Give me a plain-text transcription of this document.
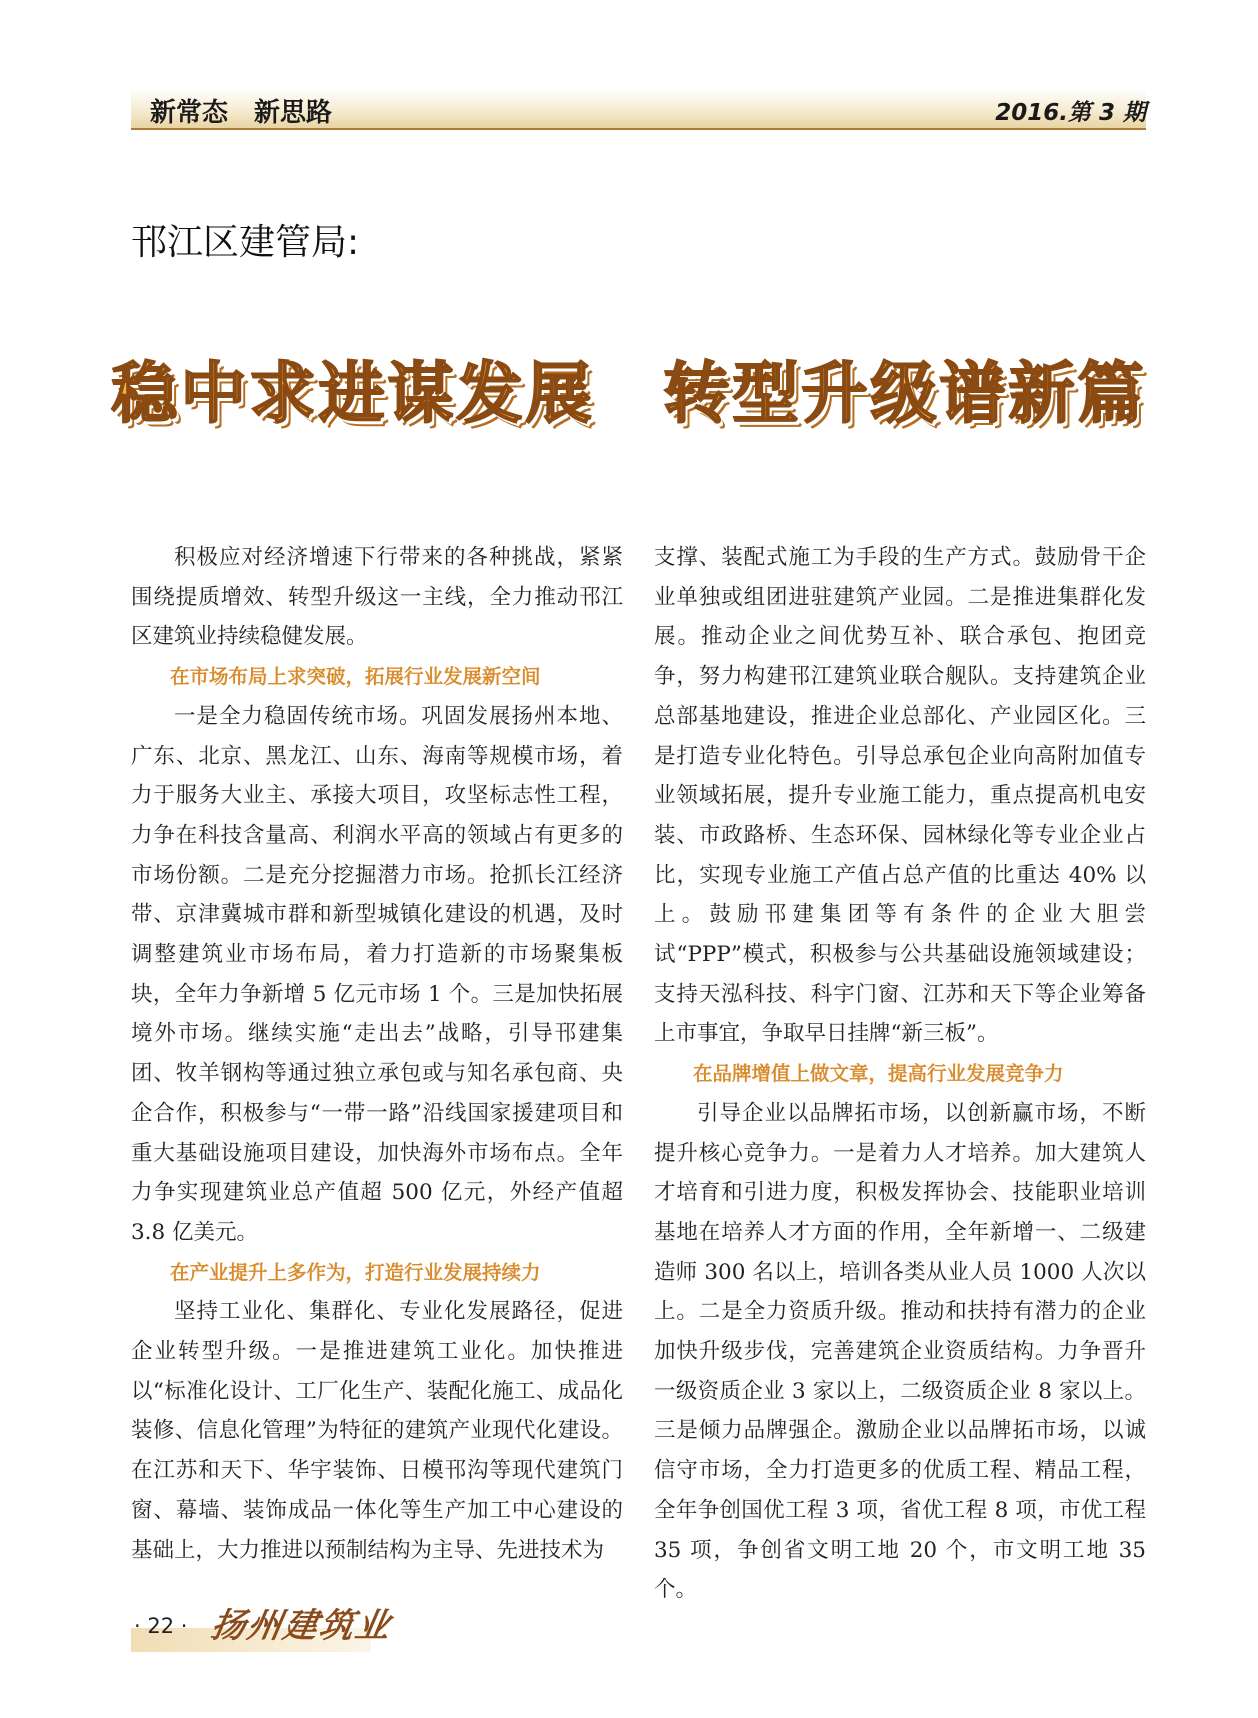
新常态　新思路	2016.第 3 期
邗江区建管局:
稳中求进谋发展　转型升级谱新篇

积极应对经济增速下行带来的各种挑战，紧紧围绕提质增效、转型升级这一主线，全力推动邗江区建筑业持续稳健发展。

在市场布局上求突破，拓展行业发展新空间

一是全力稳固传统市场。巩固发展扬州本地、广东、北京、黑龙江、山东、海南等规模市场，着力于服务大业主、承接大项目，攻坚标志性工程，力争在科技含量高、利润水平高的领域占有更多的市场份额。二是充分挖掘潜力市场。抢抓长江经济带、京津冀城市群和新型城镇化建设的机遇，及时调整建筑业市场布局，着力打造新的市场聚集板块，全年力争新增 5 亿元市场 1 个。三是加快拓展境外市场。继续实施“走出去”战略，引导邗建集团、牧羊钢构等通过独立承包或与知名承包商、央企合作，积极参与“一带一路”沿线国家援建项目和重大基础设施项目建设，加快海外市场布点。全年力争实现建筑业总产值超 500 亿元，外经产值超 3.8 亿美元。

在产业提升上多作为，打造行业发展持续力

坚持工业化、集群化、专业化发展路径，促进企业转型升级。一是推进建筑工业化。加快推进以“标准化设计、工厂化生产、装配化施工、成品化装修、信息化管理”为特征的建筑产业现代化建设。在江苏和天下、华宇装饰、日模邗沟等现代建筑门窗、幕墙、装饰成品一体化等生产加工中心建设的基础上，大力推进以预制结构为主导、先进技术为

支撑、装配式施工为手段的生产方式。鼓励骨干企业单独或组团进驻建筑产业园。二是推进集群化发展。推动企业之间优势互补、联合承包、抱团竞争，努力构建邗江建筑业联合舰队。支持建筑企业总部基地建设，推进企业总部化、产业园区化。三是打造专业化特色。引导总承包企业向高附加值专业领域拓展，提升专业施工能力，重点提高机电安装、市政路桥、生态环保、园林绿化等专业企业占比，实现专业施工产值占总产值的比重达 40% 以上。鼓励邗建集团等有条件的企业大胆尝试“PPP”模式，积极参与公共基础设施领域建设；支持天泓科技、科宇门窗、江苏和天下等企业筹备上市事宜，争取早日挂牌“新三板”。

在品牌增值上做文章，提高行业发展竞争力

引导企业以品牌拓市场，以创新赢市场，不断提升核心竞争力。一是着力人才培养。加大建筑人才培育和引进力度，积极发挥协会、技能职业培训基地在培养人才方面的作用，全年新增一、二级建造师 300 名以上，培训各类从业人员 1000 人次以上。二是全力资质升级。推动和扶持有潜力的企业加快升级步伐，完善建筑企业资质结构。力争晋升一级资质企业 3 家以上，二级资质企业 8 家以上。三是倾力品牌强企。激励企业以品牌拓市场，以诚信守市场，全力打造更多的优质工程、精品工程，全年争创国优工程 3 项，省优工程 8 项，市优工程 35 项，争创省文明工地 20 个，市文明工地 35 个。

· 22 · 扬州建筑业
